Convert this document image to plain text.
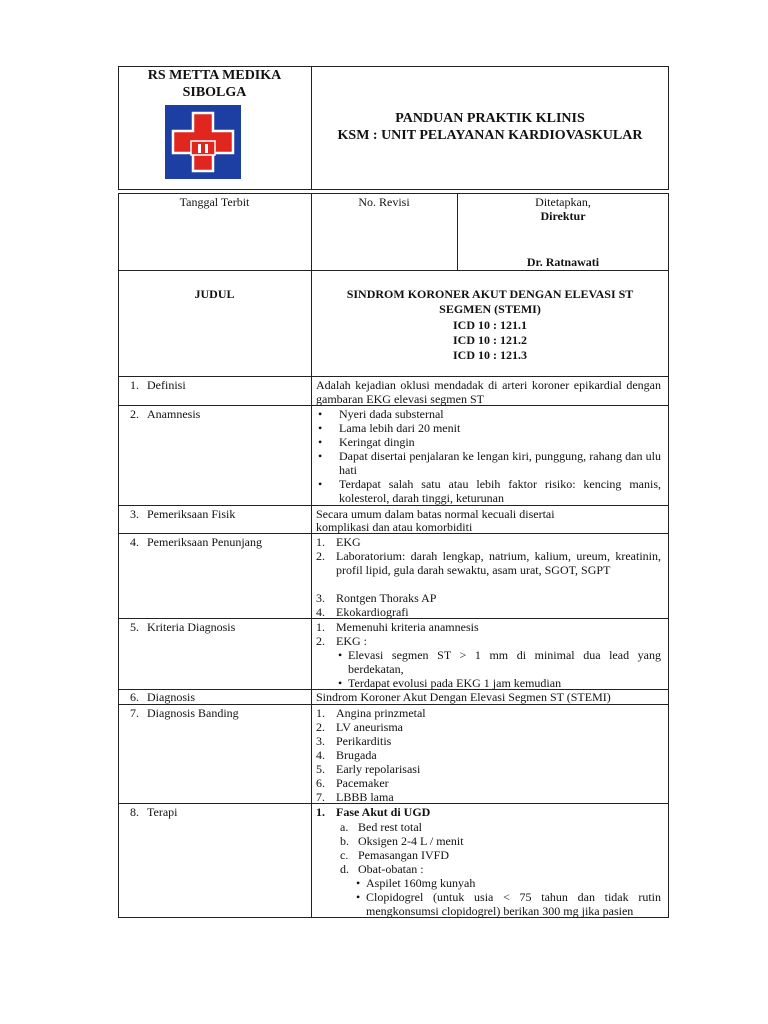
RS METTA MEDIKA
SIBOLGA
PANDUAN PRAKTIK KLINIS
KSM : UNIT PELAYANAN KARDIOVASKULAR
Tanggal Terbit	No. Revisi	Ditetapkan,
Direktur
Dr. Ratnawati
JUDUL	SINDROM KORONER AKUT DENGAN ELEVASI ST
SEGMEN (STEMI)
ICD 10 : 121.1
ICD 10 : 121.2
ICD 10 : 121.3
1. Definisi	Adalah kejadian oklusi mendadak di arteri koroner epikardial dengan gambaran EKG elevasi segmen ST
2. Anamnesis	• Nyeri dada substernal
• Lama lebih dari 20 menit
• Keringat dingin
• Dapat disertai penjalaran ke lengan kiri, punggung, rahang dan ulu hati
• Terdapat salah satu atau lebih faktor risiko: kencing manis, kolesterol, darah tinggi, keturunan
3. Pemeriksaan Fisik	Secara umum dalam batas normal kecuali disertai
komplikasi dan atau komorbiditi
4. Pemeriksaan Penunjang	1. EKG
2. Laboratorium: darah lengkap, natrium, kalium, ureum, kreatinin, profil lipid, gula darah sewaktu, asam urat, SGOT, SGPT
3. Rontgen Thoraks AP
4. Ekokardiografi
5. Kriteria Diagnosis	1. Memenuhi kriteria anamnesis
2. EKG :
• Elevasi segmen ST > 1 mm di minimal dua lead yang berdekatan,
• Terdapat evolusi pada EKG 1 jam kemudian
6. Diagnosis	Sindrom Koroner Akut Dengan Elevasi Segmen ST (STEMI)
7. Diagnosis Banding	1. Angina prinzmetal
2. LV aneurisma
3. Perikarditis
4. Brugada
5. Early repolarisasi
6. Pacemaker
7. LBBB lama
8. Terapi	1. Fase Akut di UGD
a. Bed rest total
b. Oksigen 2-4 L / menit
c. Pemasangan IVFD
d. Obat-obatan :
• Aspilet 160mg kunyah
• Clopidogrel (untuk usia < 75 tahun dan tidak rutin mengkonsumsi clopidogrel) berikan 300 mg jika pasien
